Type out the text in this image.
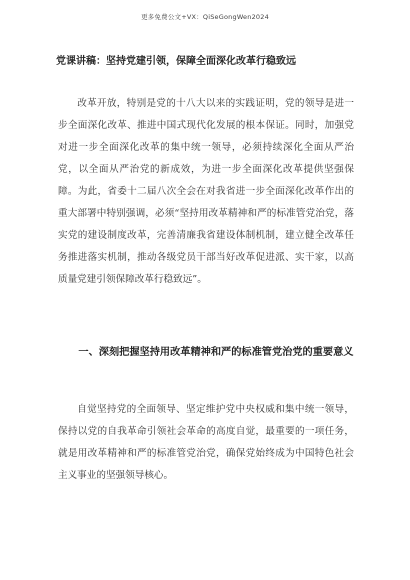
更多免费公文+VX：QiSeGongWen2024
党课讲稿：坚持党建引领，保障全面深化改革行稳致远

改革开放，特别是党的十八大以来的实践证明，党的领导是进一步全面深化改革、推进中国式现代化发展的根本保证。同时，加强党对进一步全面深化改革的集中统一领导，必须持续深化全面从严治党，以全面从严治党的新成效，为进一步全面深化改革提供坚强保障。为此，省委十二届八次全会在对我省进一步全面深化改革作出的重大部署中特别强调，必须“坚持用改革精神和严的标准管党治党，落实党的建设制度改革，完善清廉我省建设体制机制，建立健全改革任务推进落实机制，推动各级党员干部当好改革促进派、实干家，以高质量党建引领保障改革行稳致远”。

一、深刻把握坚持用改革精神和严的标准管党治党的重要意义

自觉坚持党的全面领导、坚定维护党中央权威和集中统一领导，保持以党的自我革命引领社会革命的高度自觉，最重要的一项任务，就是用改革精神和严的标准管党治党，确保党始终成为中国特色社会主义事业的坚强领导核心。
